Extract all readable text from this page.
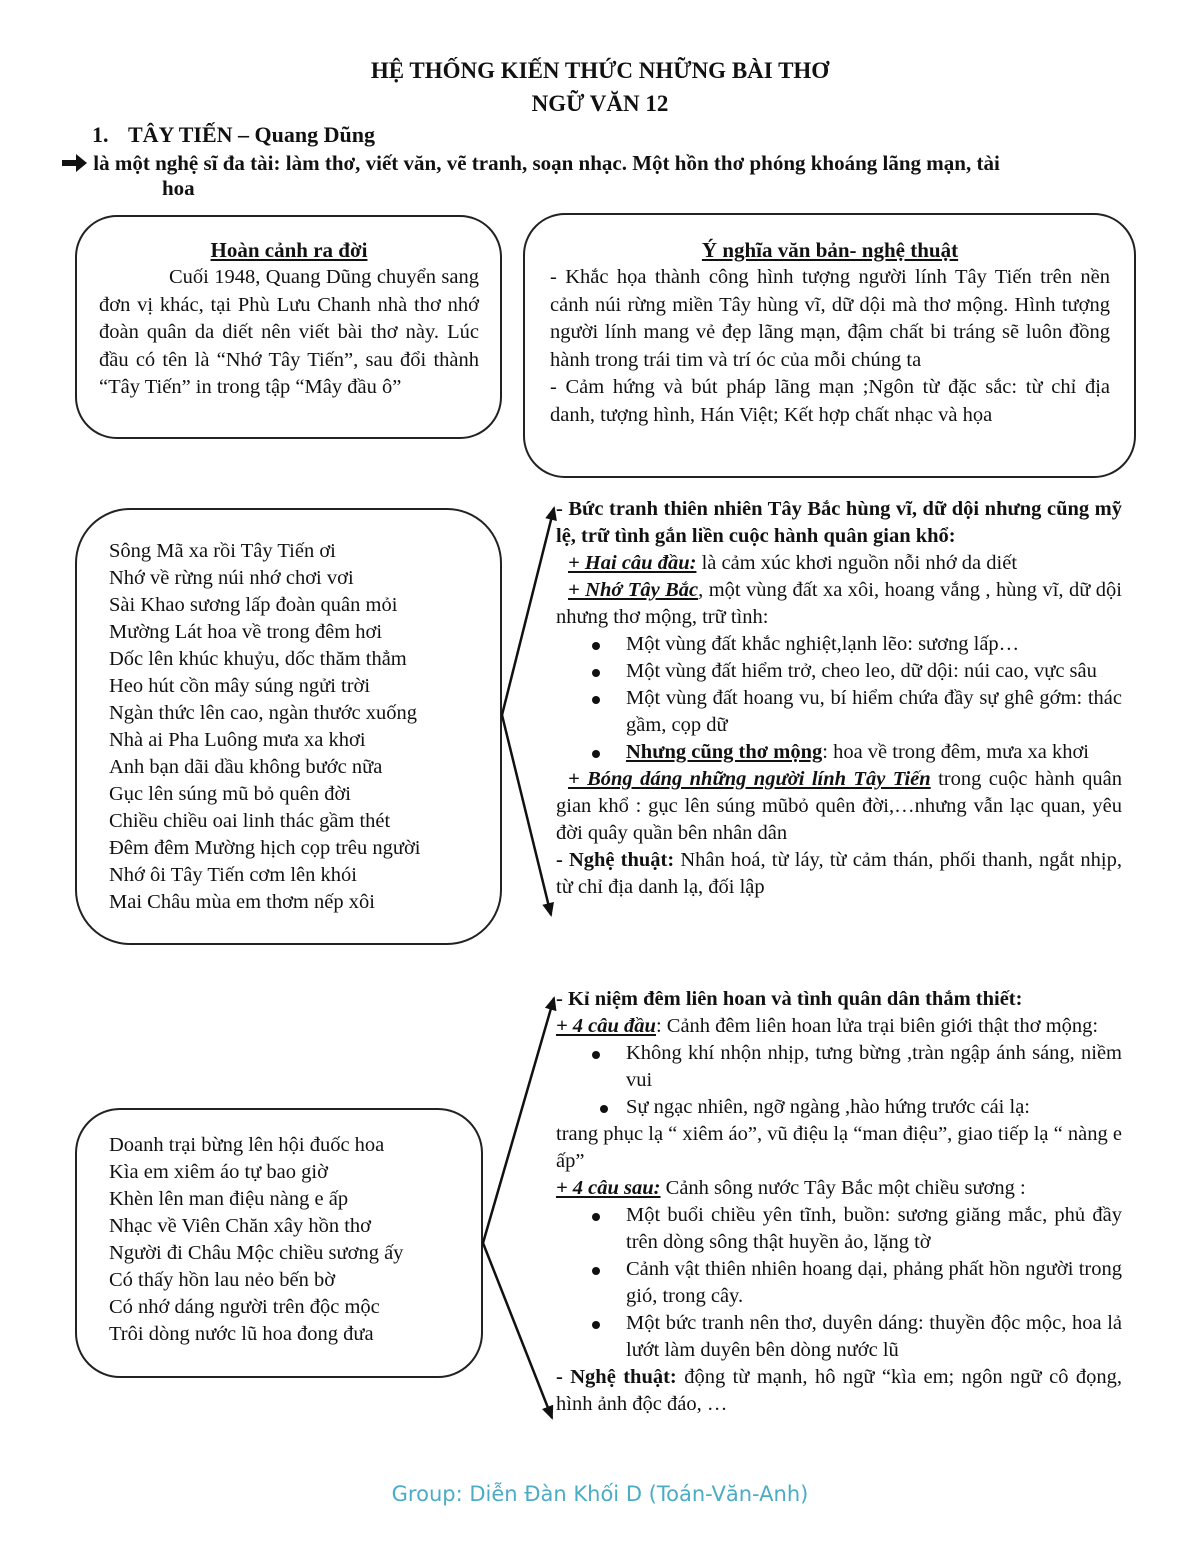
HỆ THỐNG KIẾN THỨC NHỮNG BÀI THƠ
NGỮ VĂN 12
1. TÂY TIẾN – Quang Dũng
là một nghệ sĩ đa tài: làm thơ, viết văn, vẽ tranh, soạn nhạc. Một hồn thơ phóng khoáng lãng mạn, tài
hoa
Hoàn cảnh ra đời
Cuối 1948, Quang Dũng chuyển sang đơn vị khác, tại Phù Lưu Chanh nhà thơ nhớ đoàn quân da diết nên viết bài thơ này. Lúc đầu có tên là “Nhớ Tây Tiến”, sau đổi thành “Tây Tiến” in trong tập “Mây đầu ô”
Ý nghĩa văn bản- nghệ thuật
- Khắc họa thành công hình tượng người lính Tây Tiến trên nền cảnh núi rừng miền Tây hùng vĩ, dữ dội mà thơ mộng. Hình tượng người lính mang vẻ đẹp lãng mạn, đậm chất bi tráng sẽ luôn đồng hành trong trái tim và trí óc của mỗi chúng ta
- Cảm hứng và bút pháp lãng mạn ;Ngôn từ đặc sắc: từ chỉ địa danh, tượng hình, Hán Việt; Kết hợp chất nhạc và họa
Sông Mã xa rồi Tây Tiến ơi
Nhớ về rừng núi nhớ chơi vơi
Sài Khao sương lấp đoàn quân mỏi
Mường Lát hoa về trong đêm hơi
Dốc lên khúc khuỷu, dốc thăm thẳm
Heo hút cồn mây súng ngửi trời
Ngàn thức lên cao, ngàn thước xuống
Nhà ai Pha Luông mưa xa khơi
Anh bạn dãi dầu không bước nữa
Gục lên súng mũ bỏ quên đời
Chiều chiều oai linh thác gầm thét
Đêm đêm Mường hịch cọp trêu người
Nhớ ôi Tây Tiến cơm lên khói
Mai Châu mùa em thơm nếp xôi
Doanh trại bừng lên hội đuốc hoa
Kìa em xiêm áo tự bao giờ
Khèn lên man điệu nàng e ấp
Nhạc về Viên Chăn xây hồn thơ
Người đi Châu Mộc chiều sương ấy
Có thấy hồn lau nẻo bến bờ
Có nhớ dáng người trên độc mộc
Trôi dòng nước lũ hoa đong đưa
- Bức tranh thiên nhiên Tây Bắc hùng vĩ, dữ dội nhưng cũng mỹ lệ, trữ tình gắn liền cuộc hành quân gian khổ:
+ Hai câu đầu: là cảm xúc khơi nguồn nỗi nhớ da diết
+ Nhớ Tây Bắc, một vùng đất xa xôi, hoang vắng , hùng vĩ, dữ dội nhưng thơ mộng, trữ tình:
Một vùng đất khắc nghiệt,lạnh lẽo: sương lấp…
Một vùng đất hiểm trở, cheo leo, dữ dội: núi cao, vực sâu
Một vùng đất hoang vu, bí hiểm chứa đầy sự ghê gớm: thác gầm, cọp dữ
Nhưng cũng thơ mộng: hoa về trong đêm, mưa xa khơi
+ Bóng dáng những người lính Tây Tiến trong cuộc hành quân gian khổ : gục lên súng mũbỏ quên đời,…nhưng vẫn lạc quan, yêu đời quây quần bên nhân dân
- Nghệ thuật: Nhân hoá, từ láy, từ cảm thán, phối thanh, ngắt nhịp, từ chỉ địa danh lạ, đối lập
- Kỉ niệm đêm liên hoan và tình quân dân thắm thiết:
+ 4 câu đầu: Cảnh đêm liên hoan lửa trại biên giới thật thơ mộng:
Không khí nhộn nhịp, tưng bừng ,tràn ngập ánh sáng, niềm vui
Sự ngạc nhiên, ngỡ ngàng ,hào hứng trước cái lạ:
trang phục lạ “ xiêm áo”, vũ điệu lạ “man điệu”, giao tiếp lạ “ nàng e ấp”
+ 4 câu sau: Cảnh sông nước Tây Bắc một chiều sương :
Một buổi chiều yên tĩnh, buồn: sương giăng mắc, phủ đầy trên dòng sông thật huyền ảo, lặng tờ
Cảnh vật thiên nhiên hoang dại, phảng phất hồn người trong gió, trong cây.
Một bức tranh nên thơ, duyên dáng: thuyền độc mộc, hoa lả lướt làm duyên bên dòng nước lũ
- Nghệ thuật: động từ mạnh, hô ngữ “kìa em; ngôn ngữ cô đọng, hình ảnh độc đáo, …
Group: Diễn Đàn Khối D (Toán-Văn-Anh)
